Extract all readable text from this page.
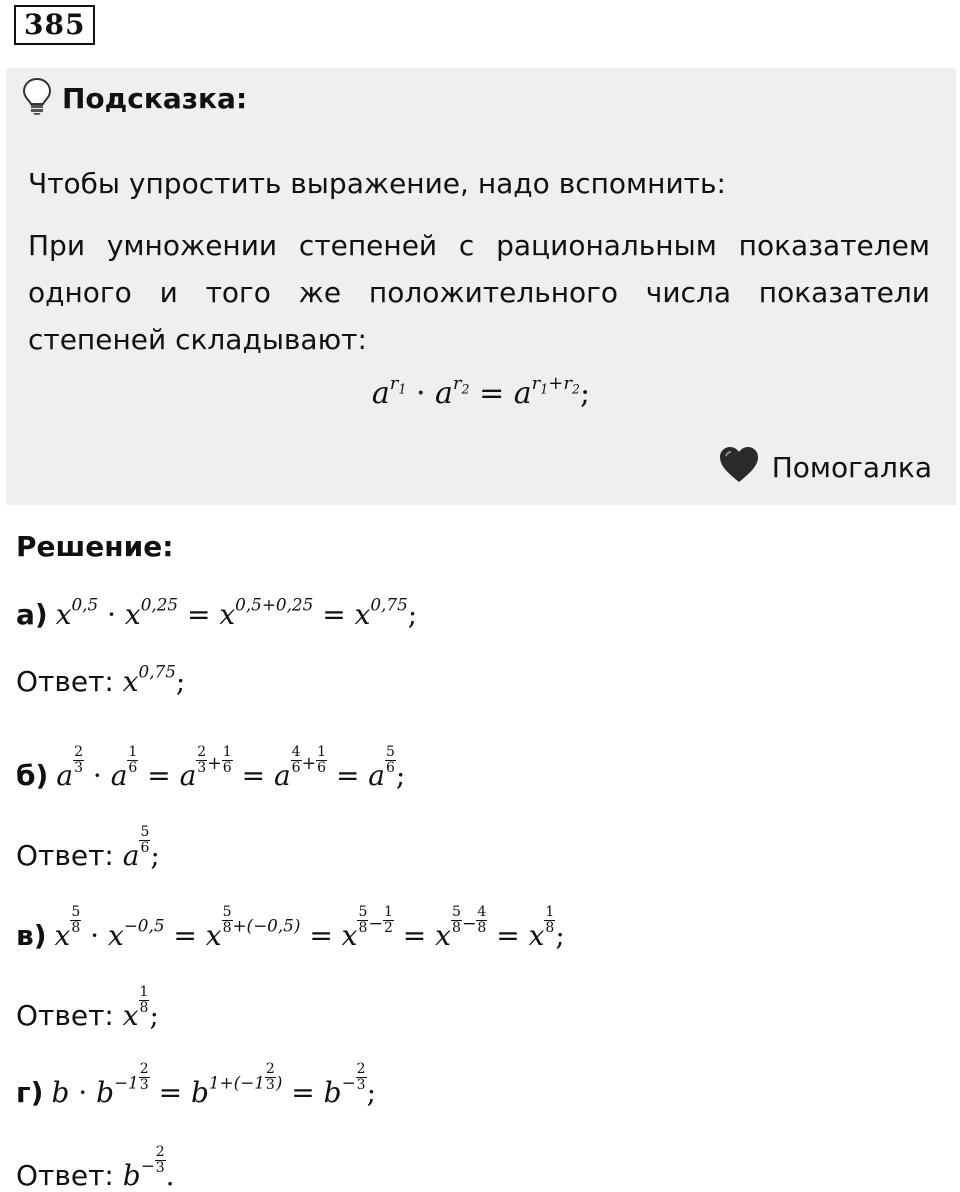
385
Подсказка:
Чтобы упростить выражение, надо вспомнить:
При умножении степеней с рациональным показателем одного и того же положительного числа показатели степеней складывают:
$a^{r_1} \cdot a^{r_2} = a^{r_1+r_2}$;
Помогалка
Решение:
а) $x^{0,5} \cdot x^{0,25} = x^{0,5+0,25} = x^{0,75}$;
Ответ: $x^{0,75}$;
б) a $\frac{2}{3} \cdot a \frac{1}{6} = a \frac{2}{3} + \frac{1}{6} = a \frac{4}{6} + \frac{1}{6} = a \frac{5}{6}$ ;
Ответ: a $\frac{5}{6}$ ;
в) x $\frac{5}{8} \cdot x^{-0,5} = x \frac{5}{8} ^{+(-0,5)} = x \frac{5}{8} - \frac{1}{2} = x \frac{5}{8} - \frac{4}{8} = x \frac{1}{8}$ ;
Ответ: x $\frac{1}{8}$ ;
г) $b \cdot b^{-1} \frac{2}{3} = b^{1+(-1} \frac{2}{3} ^) = b^- \frac{2}{3}$ ;
Ответ: $b^- \frac{2}{3}$ .
